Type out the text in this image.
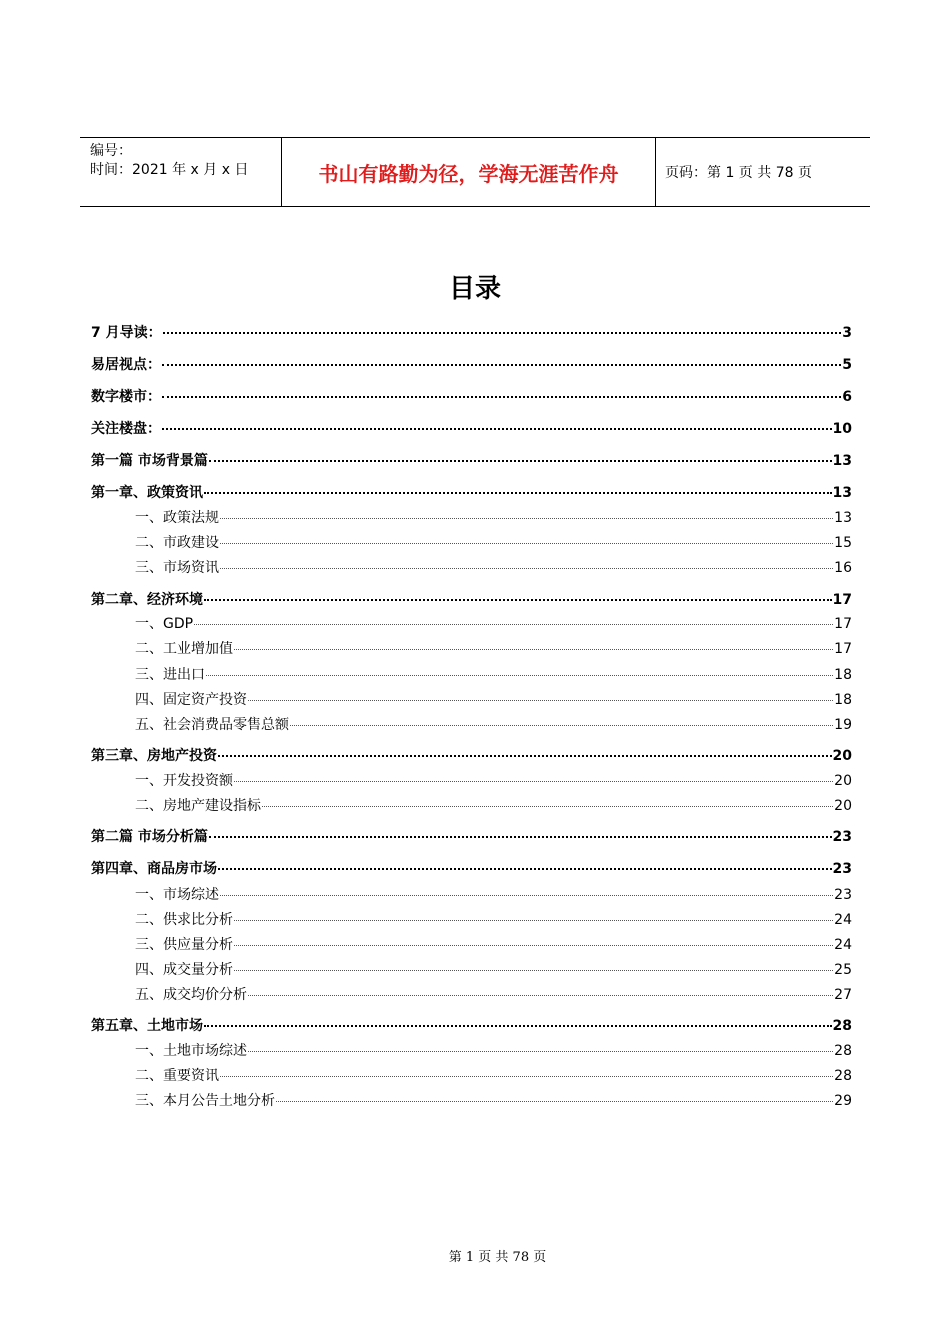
编号：
时间：2021 年 x 月 x 日	书山有路勤为径，学海无涯苦作舟	页码：第 1 页 共 78 页
目录
7 月导读：	3
易居视点：	5
数字楼市：	6
关注楼盘：	10
第一篇 市场背景篇	13
第一章、政策资讯	13
一、政策法规	13
二、市政建设	15
三、市场资讯	16
第二章、经济环境	17
一、GDP	17
二、工业增加值	17
三、进出口	18
四、固定资产投资	18
五、社会消费品零售总额	19
第三章、房地产投资	20
一、开发投资额	20
二、房地产建设指标	20
第二篇 市场分析篇	23
第四章、商品房市场	23
一、市场综述	23
二、供求比分析	24
三、供应量分析	24
四、成交量分析	25
五、成交均价分析	27
第五章、土地市场	28
一、土地市场综述	28
二、重要资讯	28
三、本月公告土地分析	29
第 1 页 共 78 页
